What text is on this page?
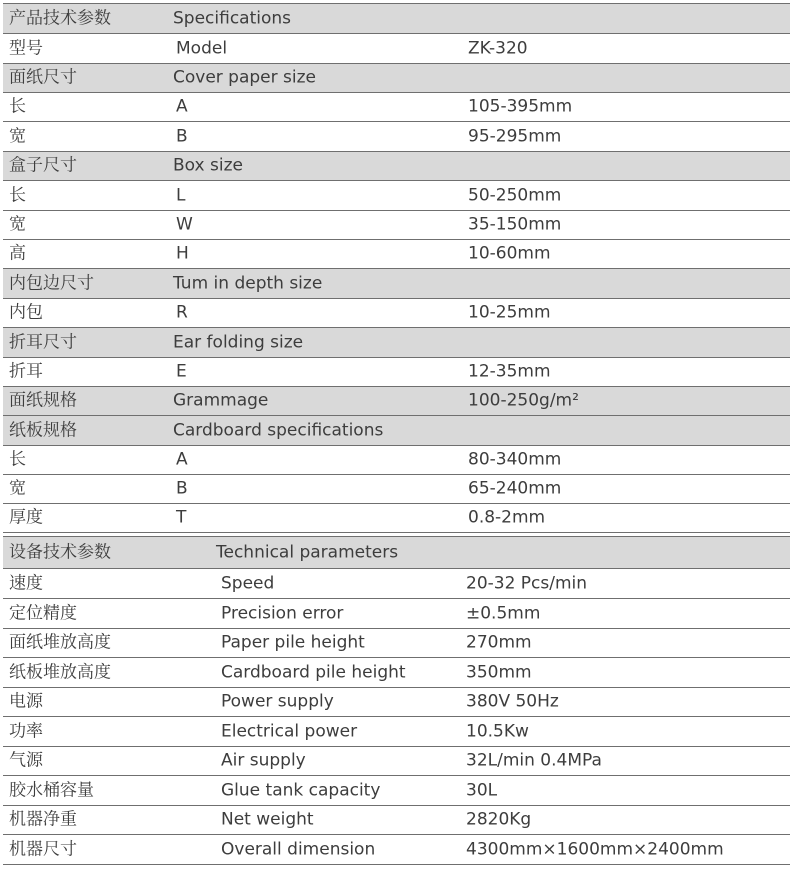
产品技术参数	Specifications
型号	Model	ZK-320
面纸尺寸	Cover paper size
长	A	105-395mm
宽	B	95-295mm
盒子尺寸	Box size
长	L	50-250mm
宽	W	35-150mm
高	H	10-60mm
内包边尺寸	Tum in depth size
内包	R	10-25mm
折耳尺寸	Ear folding size
折耳	E	12-35mm
面纸规格	Grammage	100-250g/m²
纸板规格	Cardboard specifications
长	A	80-340mm
宽	B	65-240mm
厚度	T	0.8-2mm
设备技术参数	Technical parameters
速度	Speed	20-32 Pcs/min
定位精度	Precision error	±0.5mm
面纸堆放高度	Paper pile height	270mm
纸板堆放高度	Cardboard pile height	350mm
电源	Power supply	380V 50Hz
功率	Electrical power	10.5Kw
气源	Air supply	32L/min 0.4MPa
胶水桶容量	Glue tank capacity	30L
机器净重	Net weight	2820Kg
机器尺寸	Overall dimension	4300mm×1600mm×2400mm
